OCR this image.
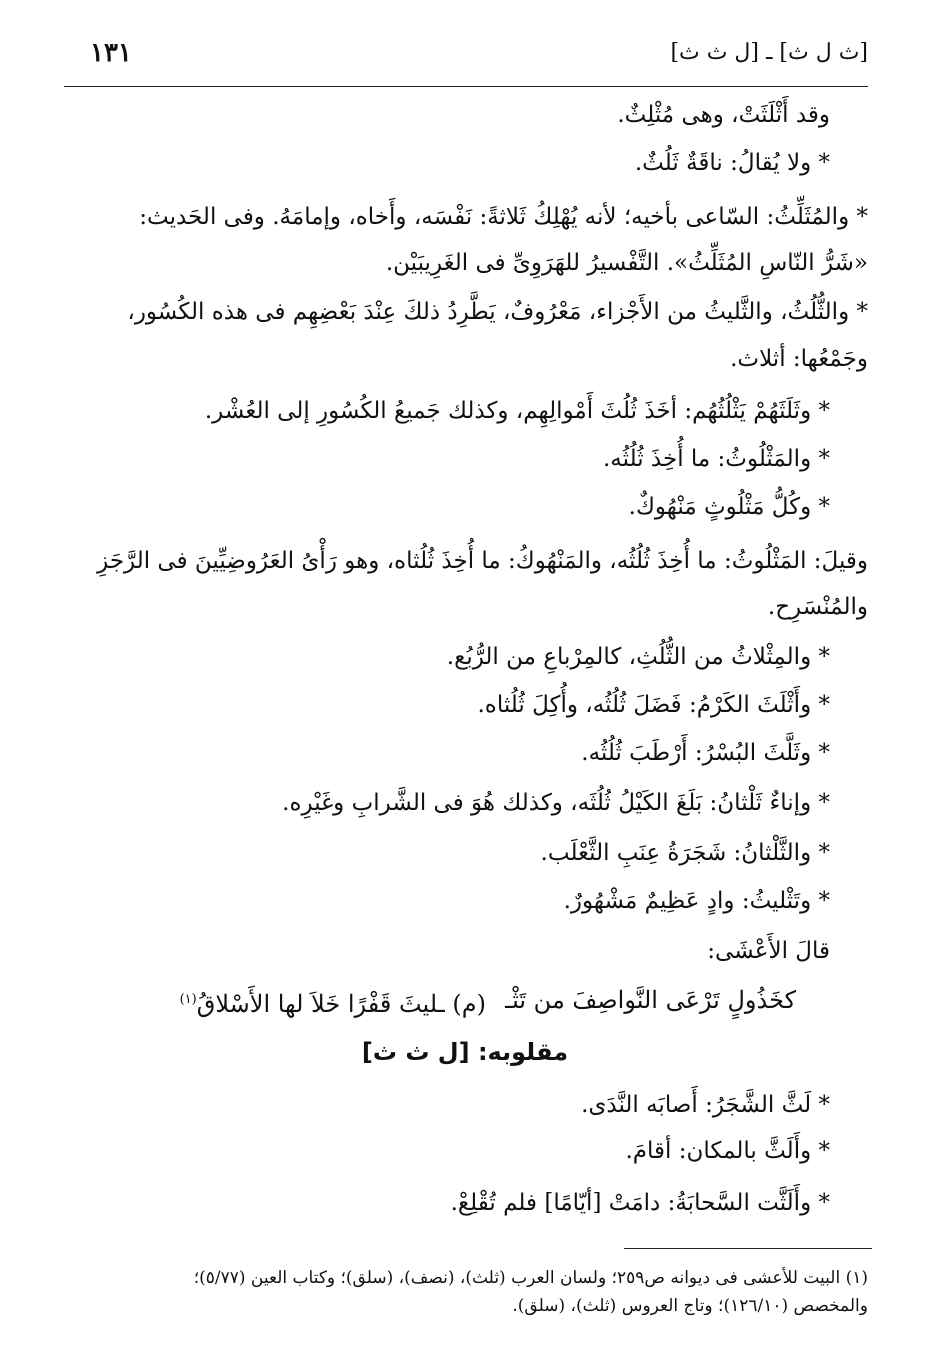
[ث ل ث] ـ [ل ث ث]
١٣١
وقد أَثْلَثَتْ، وهى مُثْلِثٌ.
* ولا يُقالُ: ناقَةٌ ثَلُثٌ.
* والمُثَلِّثُ: السّاعى بأخيه؛ لأنه يُهْلِكُ ثَلاثةً: نَفْسَه، وأَخاه، وإمامَهُ. وفى الحَديث:
«شَرُّ النّاسِ المُثَلِّثُ». التَّفْسيرُ للهَرَوِىِّ فى الغَرِيبَيْن.
* والثُّلُثُ، والثَّليثُ من الأَجْزاء، مَعْرُوفٌ، يَطَّرِدُ ذلكَ عِنْدَ بَعْضِهِم فى هذه الكُسُور،
وجَمْعُها: أثلاث.
* وثَلَثَهُمْ يَثْلُثُهُم: أخَذَ ثُلُثَ أَمْوالِهِم، وكذلك جَميعُ الكُسُورِ إلى العُشْر.
* والمَثْلُوثُ: ما أُخِذَ ثُلُثُه.
* وكُلُّ مَثْلُوثٍ مَنْهُوكٌ.
وقيلَ: المَثْلُوثُ: ما أُخِذَ ثُلُثُه، والمَنْهُوكُ: ما أُخِذَ ثُلُثاه، وهو رَأْىُ العَرُوضِيِّينَ فى الرَّجَزِ
والمُنْسَرِح.
* والمِثْلاثُ من الثُّلُثِ، كالمِرْباعِ من الرُّبُع.
* وأَثْلَثَ الكَرْمُ: فَضَلَ ثُلُثُه، وأُكِلَ ثُلُثاه.
* وثَلَّثَ البُسْرُ: أَرْطَبَ ثُلُثُه.
* وإناءٌ ثَلْثانُ: بَلَغَ الكَيْلُ ثُلُثَه، وكذلك هُوَ فى الشَّرابِ وغَيْرِه.
* والثَّلْثانُ: شَجَرَةُ عِنَبِ الثَّعْلَب.
* وتَثْليثُ: وادٍ عَظِيمٌ مَشْهُورٌ.
قالَ الأَعْشَى:
كخَذُولٍ تَرْعَى النَّواصِفَ من تَثْـ
(م) ـليثَ قَفْرًا خَلاَ لها الأَسْلاقُ$^{(١)}$
مقلوبه: [ل ث ث]
* لَثَّ الشَّجَرُ: أَصابَه النَّدَى.
* وأَلَثَّ بالمكان: أقامَ.
* وأَلَثَّت السَّحابَةُ: دامَتْ [أيّامًا] فلم تُقْلِعْ.
(١) البيت للأعشى فى ديوانه ص٢٥٩؛ ولسان العرب (ثلث)، (نصف)، (سلق)؛ وكتاب العين (٥/٧٧)؛
والمخصص (١٢٦/١٠)؛ وتاج العروس (ثلث)، (سلق).
